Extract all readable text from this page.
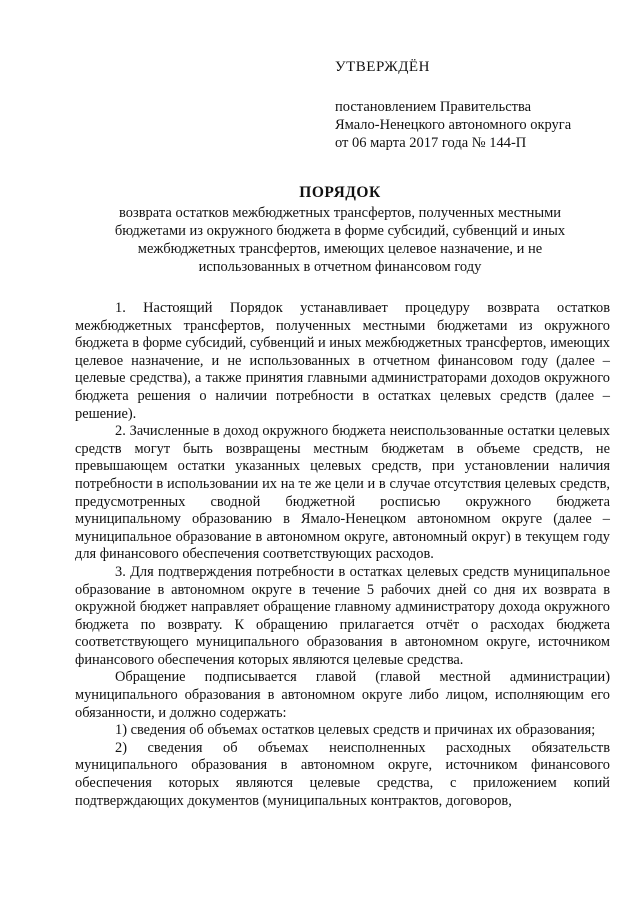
УТВЕРЖДЁН
постановлением Правительства
Ямало-Ненецкого автономного округа
от 06 марта 2017 года № 144-П
ПОРЯДОК
возврата остатков межбюджетных трансфертов, полученных местными бюджетами из окружного бюджета в форме субсидий, субвенций и иных межбюджетных трансфертов, имеющих целевое назначение, и не использованных в отчетном финансовом году

1. Настоящий Порядок устанавливает процедуру возврата остатков межбюджетных трансфертов, полученных местными бюджетами из окружного бюджета в форме субсидий, субвенций и иных межбюджетных трансфертов, имеющих целевое назначение, и не использованных в отчетном финансовом году (далее – целевые средства), а также принятия главными администраторами доходов окружного бюджета решения о наличии потребности в остатках целевых средств (далее – решение).

2. Зачисленные в доход окружного бюджета неиспользованные остатки целевых средств могут быть возвращены местным бюджетам в объеме средств, не превышающем остатки указанных целевых средств, при установлении наличия потребности в использовании их на те же цели и в случае отсутствия целевых средств, предусмотренных сводной бюджетной росписью окружного бюджета муниципальному образованию в Ямало-Ненецком автономном округе (далее – муниципальное образование в автономном округе, автономный округ) в текущем году для финансового обеспечения соответствующих расходов.

3. Для подтверждения потребности в остатках целевых средств муниципальное образование в автономном округе в течение 5 рабочих дней со дня их возврата в окружной бюджет направляет обращение главному администратору дохода окружного бюджета по возврату. К обращению прилагается отчёт о расходах бюджета соответствующего муниципального образования в автономном округе, источником финансового обеспечения которых являются целевые средства.

Обращение подписывается главой (главой местной администрации) муниципального образования в автономном округе либо лицом, исполняющим его обязанности, и должно содержать:

1) сведения об объемах остатков целевых средств и причинах их образования;

2) сведения об объемах неисполненных расходных обязательств муниципального образования в автономном округе, источником финансового обеспечения которых являются целевые средства, с приложением копий подтверждающих документов (муниципальных контрактов, договоров,
